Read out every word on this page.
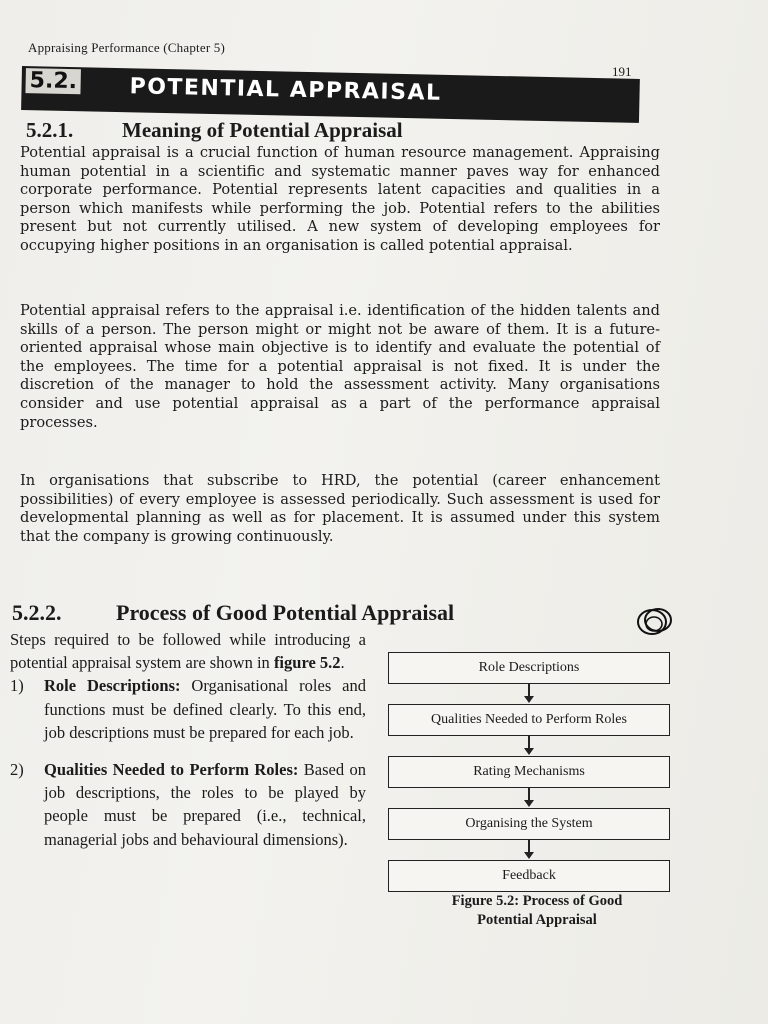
Appraising Performance (Chapter 5)
191
5.2. POTENTIAL APPRAISAL
5.2.1. Meaning of Potential Appraisal

Potential appraisal is a crucial function of human resource management. Appraising human potential in a scientific and systematic manner paves way for enhanced corporate performance. Potential represents latent capacities and qualities in a person which manifests while performing the job. Potential refers to the abilities present but not currently utilised. A new system of developing employees for occupying higher positions in an organisation is called potential appraisal.

Potential appraisal refers to the appraisal i.e. identification of the hidden talents and skills of a person. The person might or might not be aware of them. It is a future-oriented appraisal whose main objective is to identify and evaluate the potential of the employees. The time for a potential appraisal is not fixed. It is under the discretion of the manager to hold the assessment activity. Many organisations consider and use potential appraisal as a part of the performance appraisal processes.

In organisations that subscribe to HRD, the potential (career enhancement possibilities) of every employee is assessed periodically. Such assessment is used for developmental planning as well as for placement. It is assumed under this system that the company is growing continuously.

5.2.2. Process of Good Potential Appraisal

Steps required to be followed while introducing a potential appraisal system are shown in figure 5.2.

1) Role Descriptions: Organisational roles and functions must be defined clearly. To this end, job descriptions must be prepared for each job.

2) Qualities Needed to Perform Roles: Based on job descriptions, the roles to be played by people must be prepared (i.e., technical, managerial jobs and behavioural dimensions).

Role Descriptions
Qualities Needed to Perform Roles
Rating Mechanisms
Organising the System
Feedback
Figure 5.2: Process of Good
Potential Appraisal
